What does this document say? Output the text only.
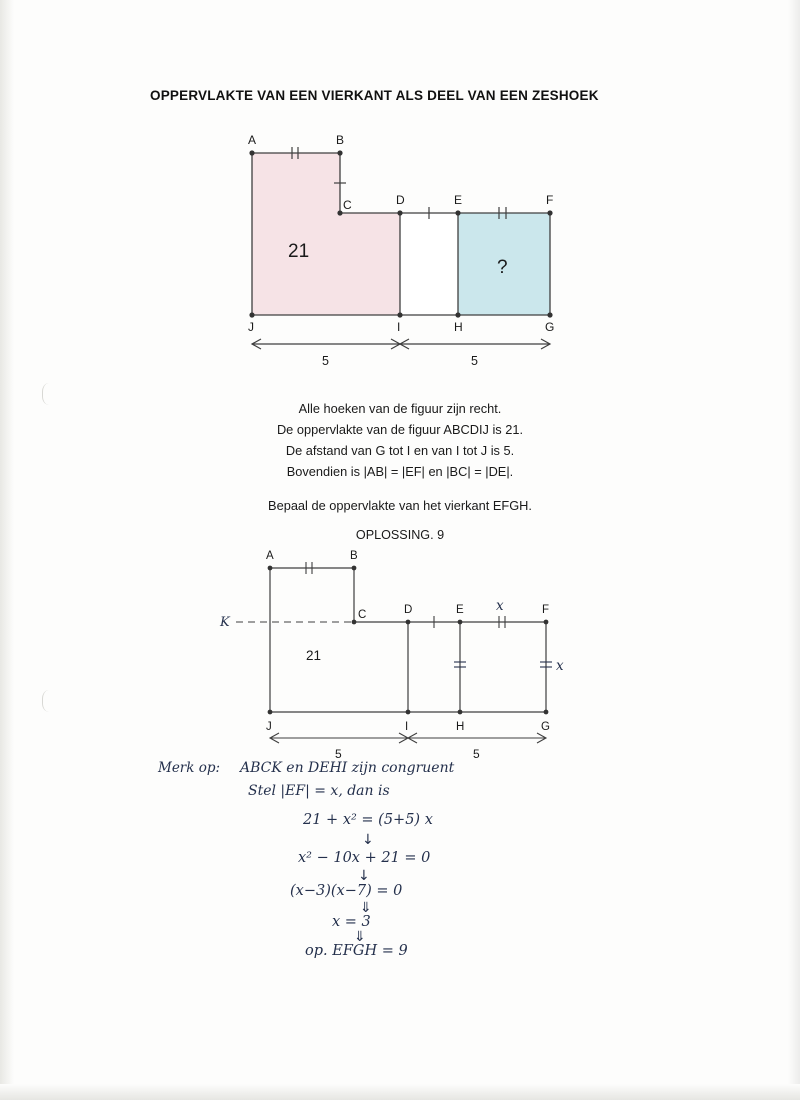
OPPERVLAKTE VAN EEN VIERKANT ALS DEEL VAN EEN ZESHOEK
A	B
C	D	E	F
G
H
I
J
21
?
5	5
Alle hoeken van de figuur zijn recht.
De oppervlakte van de figuur ABCDIJ is 21.
De afstand van G tot I en van I tot J is 5.
Bovendien is |AB| = |EF| en |BC| = |DE|.
Bepaal de oppervlakte van het vierkant EFGH.
OPLOSSING. 9
A	B
C	D	E	F
G
H
I
J
K
21
x
x
5	5
Merk op: ABCK en DEHI zijn congruent
Stel |EF| = x, dan is
21 + x² = (5+5) x
↓
x² − 10x + 21 = 0
↓
(x−3)(x−7) = 0
⇓
x = 3
⇓
op. EFGH = 9
